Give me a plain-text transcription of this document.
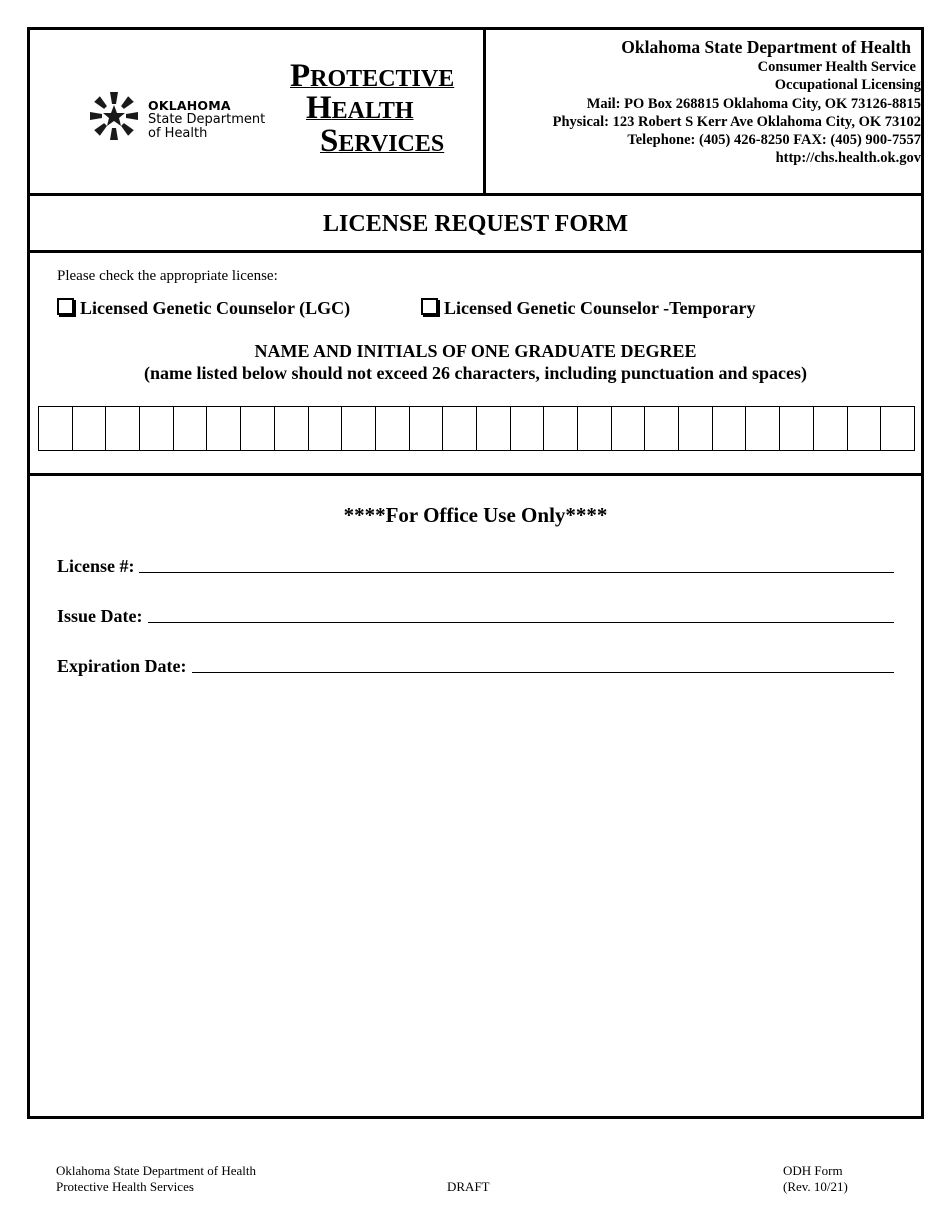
OKLAHOMA
State Department
of Health
PROTECTIVE
HEALTH
SERVICES
Oklahoma State Department of Health
Consumer Health Service
Occupational Licensing
Mail: PO Box 268815 Oklahoma City, OK 73126-8815
Physical: 123 Robert S Kerr Ave Oklahoma City, OK 73102
Telephone: (405) 426-8250 FAX: (405) 900-7557
http://chs.health.ok.gov
LICENSE REQUEST FORM
Please check the appropriate license:
Licensed Genetic Counselor (LGC)	Licensed Genetic Counselor -Temporary
NAME AND INITIALS OF ONE GRADUATE DEGREE
(name listed below should not exceed 26 characters, including punctuation and spaces)
****For Office Use Only****
License #:
Issue Date:
Expiration Date:
Oklahoma State Department of Health
Protective Health Services	DRAFT
ODH Form
(Rev. 10/21)
